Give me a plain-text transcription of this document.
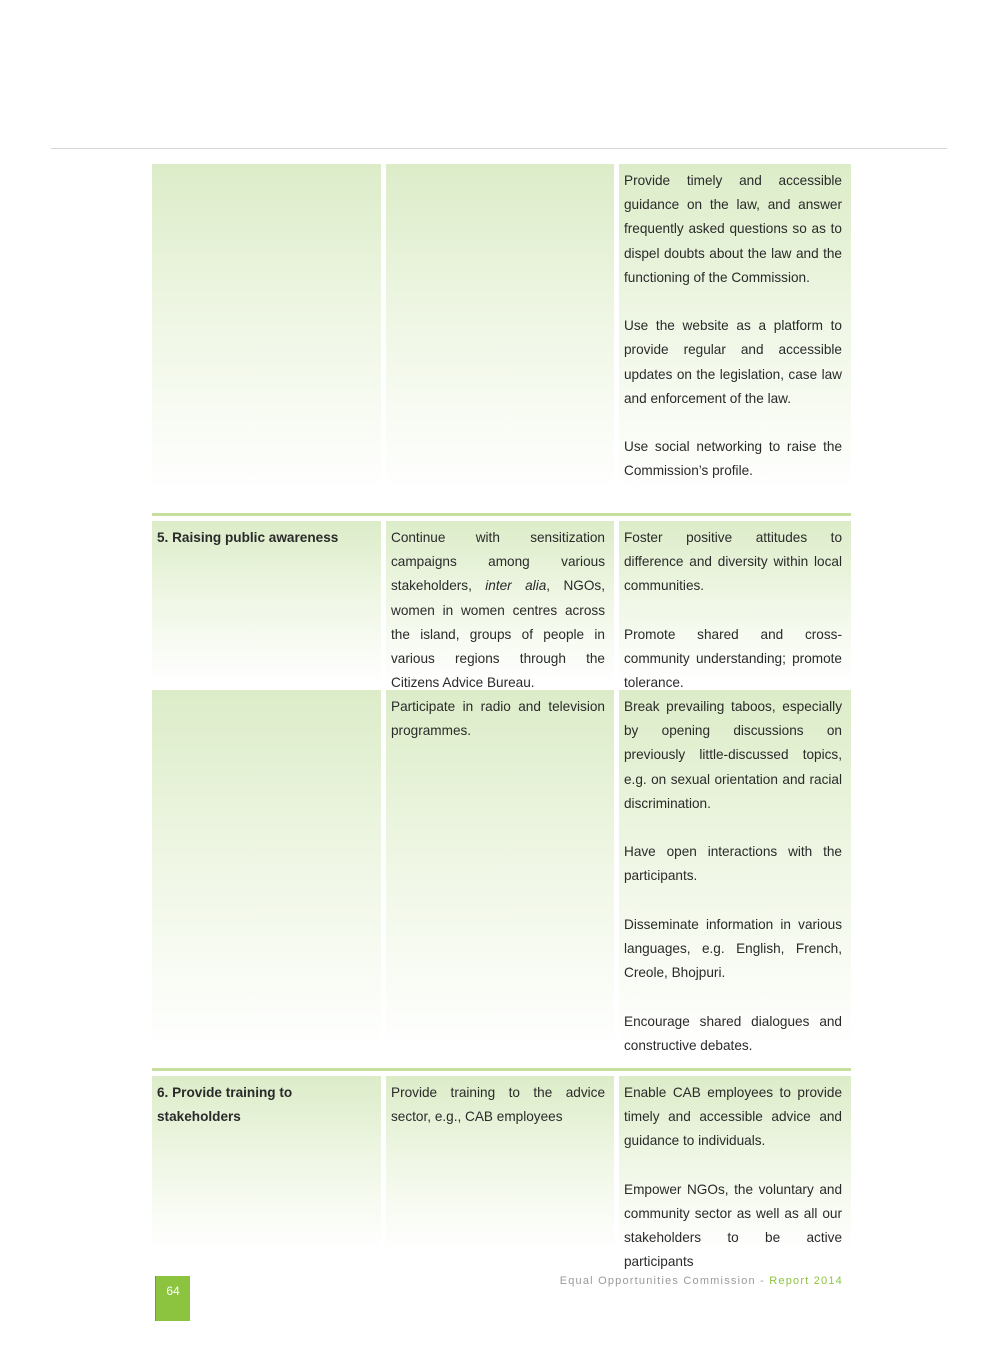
Provide timely and accessible guidance on the law, and answer frequently asked questions so as to dispel doubts about the law and the functioning of the Commission.

Use the website as a platform to provide regular and accessible updates on the legislation, case law and enforcement of the law.

Use social networking to raise the Commission’s profile.

5. Raising public awareness	Continue with sensitization campaigns among various stakeholders, inter alia, NGOs, women in women centres across the island, groups of people in various regions through the Citizens Advice Bureau.

Foster positive attitudes to difference and diversity within local communities.

Promote shared and cross-community understanding; promote tolerance.

Participate in radio and television programmes.

Break prevailing taboos, especially by opening discussions on previously little-discussed topics, e.g. on sexual orientation and racial discrimination.

Have open interactions with the participants.

Disseminate information in various languages, e.g. English, French, Creole, Bhojpuri.

Encourage shared dialogues and constructive debates.

6. Provide training to stakeholders

Provide training to the advice sector, e.g., CAB employees

Enable CAB employees to provide timely and accessible advice and guidance to individuals.

Empower NGOs, the voluntary and community sector as well as all our stakeholders to be active participants

64
Equal Opportunities Commission - Report 2014
